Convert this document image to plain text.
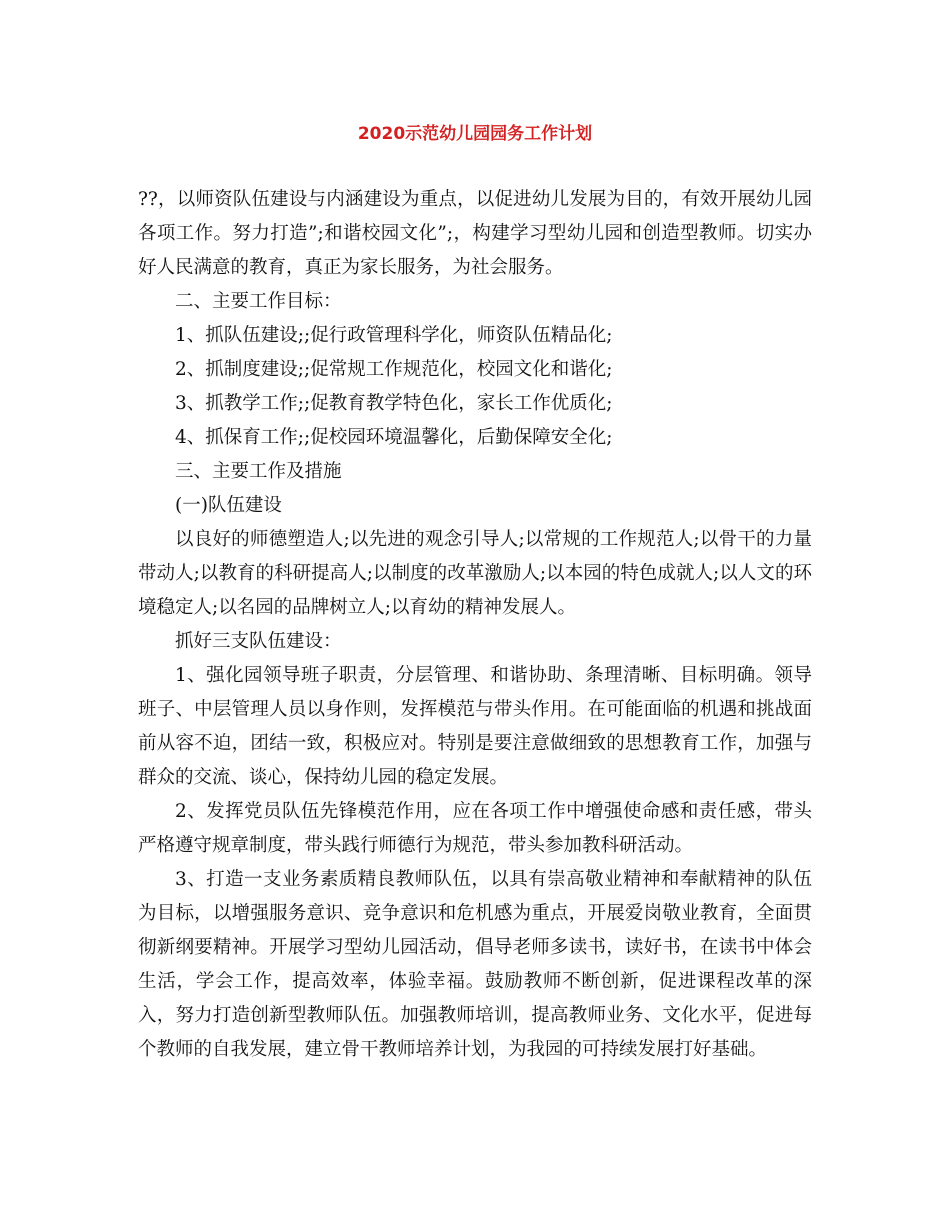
2020示范幼儿园园务工作计划

??，以师资队伍建设与内涵建设为重点，以促进幼儿发展为目的，有效开展幼儿园各项工作。努力打造”;和谐校园文化”;，构建学习型幼儿园和创造型教师。切实办好人民满意的教育，真正为家长服务，为社会服务。

二、主要工作目标：

1、抓队伍建设;;促行政管理科学化，师资队伍精品化;

2、抓制度建设;;促常规工作规范化，校园文化和谐化;

3、抓教学工作;;促教育教学特色化，家长工作优质化;

4、抓保育工作;;促校园环境温馨化，后勤保障安全化;

三、主要工作及措施

(一)队伍建设

以良好的师德塑造人;以先进的观念引导人;以常规的工作规范人;以骨干的力量带动人;以教育的科研提高人;以制度的改革激励人;以本园的特色成就人;以人文的环境稳定人;以名园的品牌树立人;以育幼的精神发展人。

抓好三支队伍建设：

1、强化园领导班子职责，分层管理、和谐协助、条理清晰、目标明确。领导班子、中层管理人员以身作则，发挥模范与带头作用。在可能面临的机遇和挑战面前从容不迫，团结一致，积极应对。特别是要注意做细致的思想教育工作，加强与群众的交流、谈心，保持幼儿园的稳定发展。

2、发挥党员队伍先锋模范作用，应在各项工作中增强使命感和责任感，带头严格遵守规章制度，带头践行师德行为规范，带头参加教科研活动。

3、打造一支业务素质精良教师队伍，以具有崇高敬业精神和奉献精神的队伍为目标，以增强服务意识、竞争意识和危机感为重点，开展爱岗敬业教育，全面贯彻新纲要精神。开展学习型幼儿园活动，倡导老师多读书，读好书，在读书中体会生活，学会工作，提高效率，体验幸福。鼓励教师不断创新，促进课程改革的深入，努力打造创新型教师队伍。加强教师培训，提高教师业务、文化水平，促进每个教师的自我发展，建立骨干教师培养计划，为我园的可持续发展打好基础。
